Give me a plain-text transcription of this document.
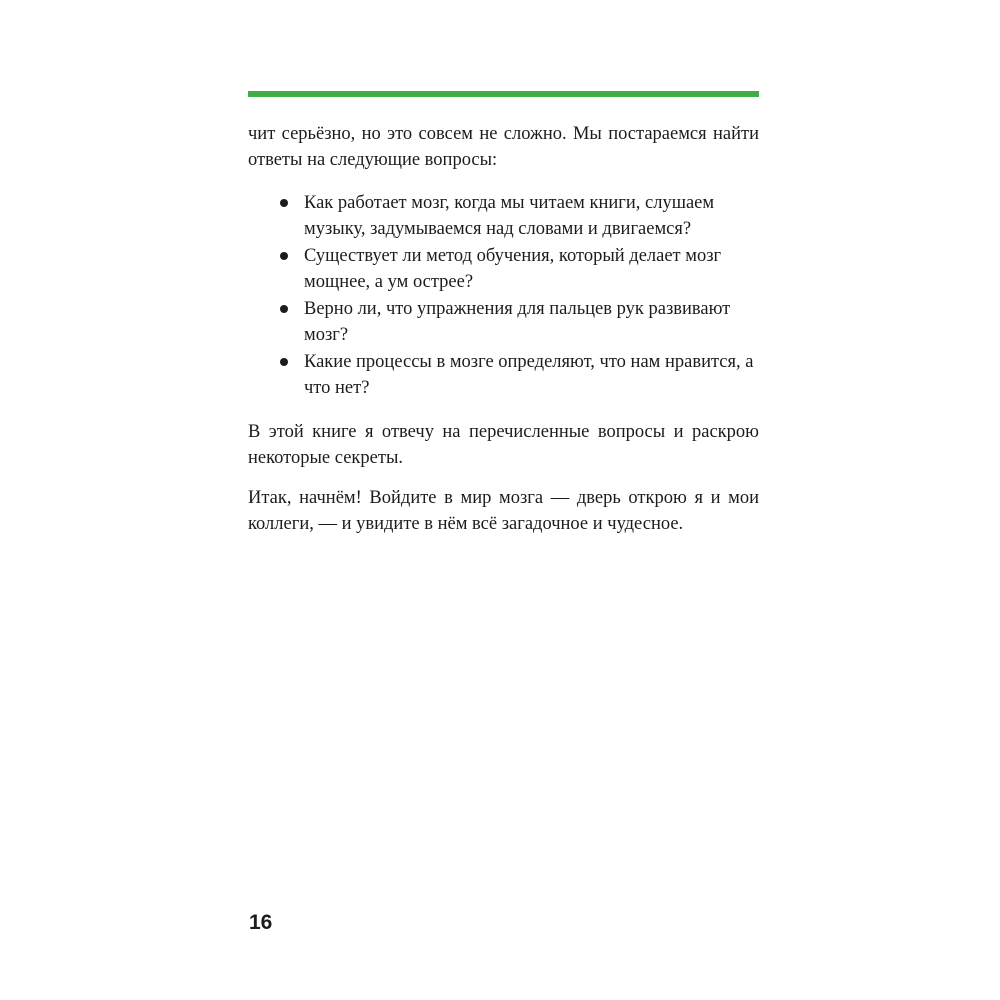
чит серьёзно, но это совсем не сложно. Мы постараемся найти ответы на следующие вопросы:

Как работает мозг, когда мы читаем книги, слушаем музыку, задумываемся над словами и двигаемся?
Существует ли метод обучения, который делает мозг мощнее, а ум острее?
Верно ли, что упражнения для пальцев рук развивают мозг?
Какие процессы в мозге определяют, что нам нравится, а что нет?

В этой книге я отвечу на перечисленные вопросы и раскрою некоторые секреты.

Итак, начнём! Войдите в мир мозга — дверь открою я и мои коллеги, — и увидите в нём всё загадочное и чудесное.

16
